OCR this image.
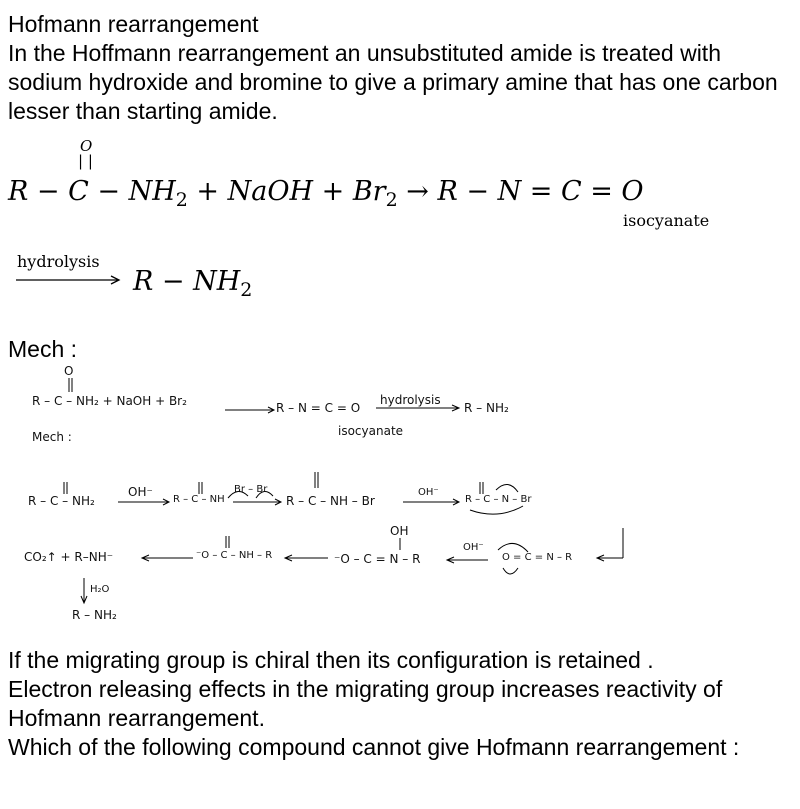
Hofmann rearrangement
In the Hoffmann rearrangement an unsubstituted amide is treated with sodium hydroxide and bromine to give a primary amine that has one carbon lesser than starting amide.
O
| |
$R - C - NH_2$ + NaOH + $Br_2 \to R - N = C = O$
isocyanate
hydrolysis
$R - NH_2$
Mech :
O
R – C – NH₂ + NaOH + Br₂	R – N = C = O
hydrolysis
isocyanate
R – NH₂
Mech :
R – C – NH₂
OH⁻
R – C – NH
Br – Br
R – C – NH – Br
OH⁻
R – C – N – Br
CO₂↑ + R–NH⁻	⁻O – C – NH – R
OH
⁻O – C = N – R
OH⁻
O = C = N – R
H₂O
R – NH₂
If the migrating group is chiral then its configuration is retained .
Electron releasing effects in the migrating group increases reactivity of Hofmann rearrangement.
Which of the following compound cannot give Hofmann rearrangement :
